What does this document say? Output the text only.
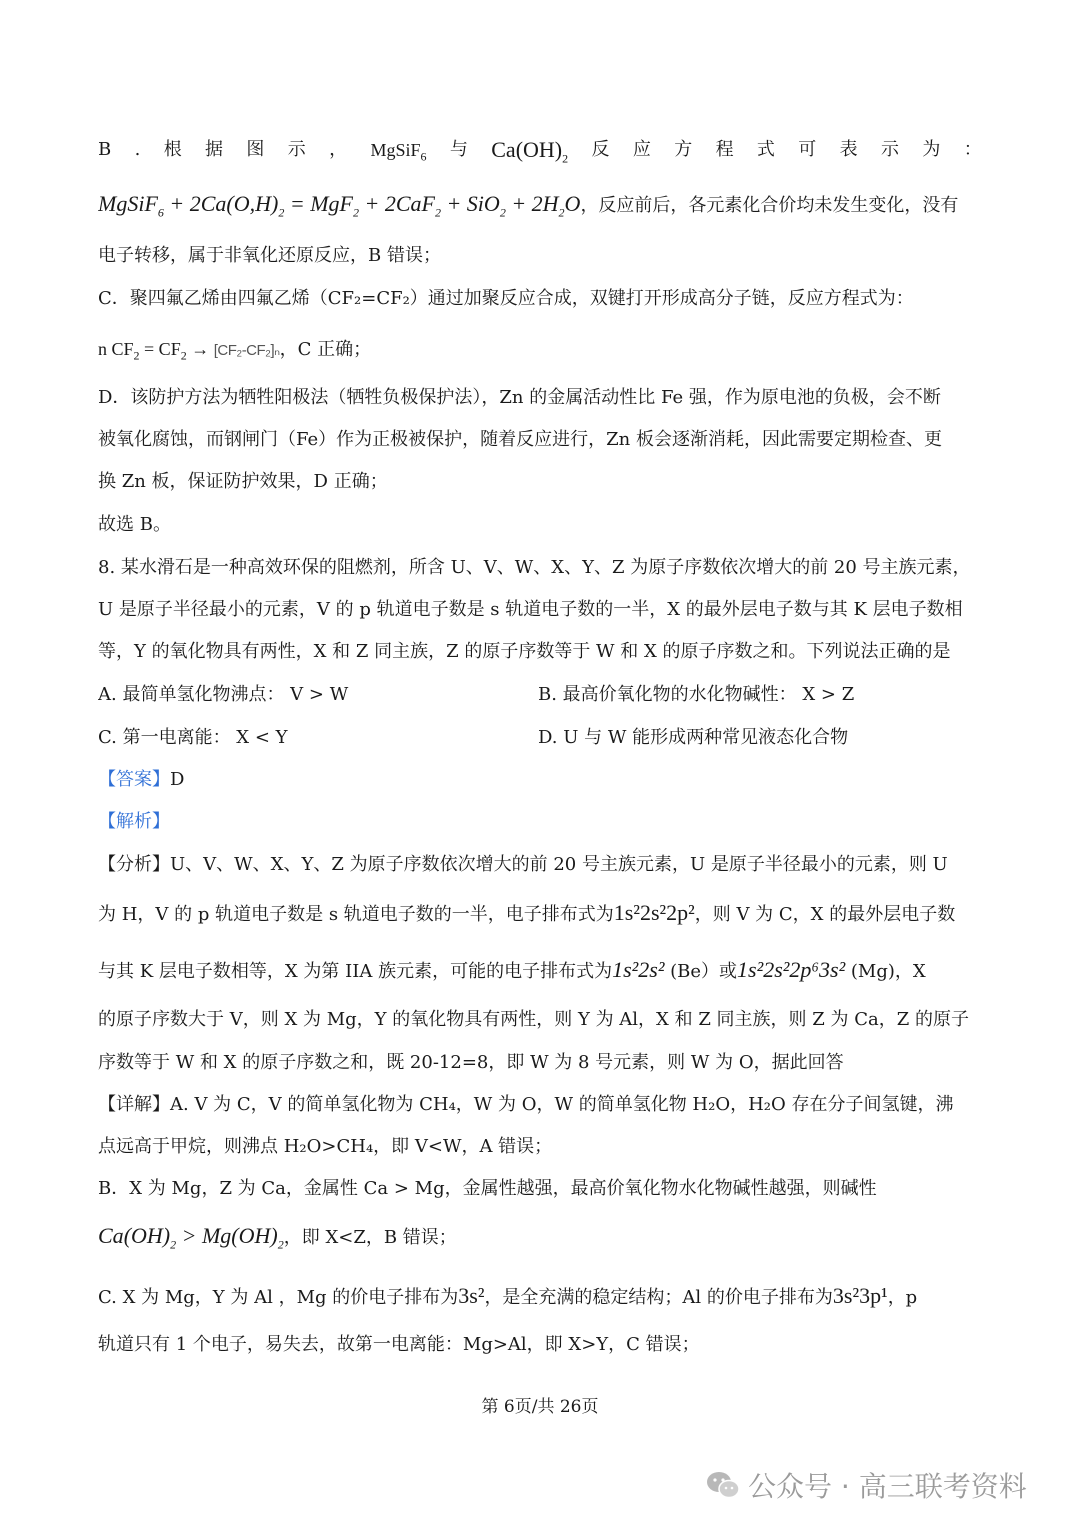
B . 根 据 图 示 ， MgSiF$_6$ 与 $Ca(OH)_2$ 反 应 方 程 式 可 表 示 为 ：
MgSiF$_6$ + $2Ca(O,H)_2 = MgF_2 + 2CaF_2 + SiO_2 + 2H_2O$，反应前后，各元素化合价均未发生变化，没有
电子转移，属于非氧化还原反应，B 错误；
C．聚四氟乙烯由四氟乙烯（CF₂=CF₂）通过加聚反应合成，双键打开形成高分子链，反应方程式为：
n $CF_2 = CF_2 \to [CF_2-CF_2]_n$，C 正确；
D．该防护方法为牺牲阳极法（牺牲负极保护法），Zn 的金属活动性比 Fe 强，作为原电池的负极，会不断
被氧化腐蚀，而钢闸门（Fe）作为正极被保护，随着反应进行，Zn 板会逐渐消耗，因此需要定期检查、更
换 Zn 板，保证防护效果，D 正确；
故选 B。
8. 某水滑石是一种高效环保的阻燃剂，所含 U、V、W、X、Y、Z 为原子序数依次增大的前 20 号主族元素，
U 是原子半径最小的元素，V 的 p 轨道电子数是 s 轨道电子数的一半，X 的最外层电子数与其 K 层电子数相
等，Y 的氧化物具有两性，X 和 Z 同主族，Z 的原子序数等于 W 和 X 的原子序数之和。下列说法正确的是
A. 最简单氢化物沸点： V > W	B. 最高价氧化物的水化物碱性： X > Z
C. 第一电离能： X < Y	D. U 与 W 能形成两种常见液态化合物
【答案】D
【解析】
【分析】U、V、W、X、Y、Z 为原子序数依次增大的前 20 号主族元素，U 是原子半径最小的元素，则 U
为 H，V 的 p 轨道电子数是 s 轨道电子数的一半，电子排布式为1s²2s²2p²，则 V 为 C，X 的最外层电子数
与其 K 层电子数相等，X 为第 IIA 族元素，可能的电子排布式为1s²2s² (Be）或1s²2s²2p⁶3s² (Mg)，X
的原子序数大于 V，则 X 为 Mg，Y 的氧化物具有两性，则 Y 为 Al，X 和 Z 同主族，则 Z 为 Ca，Z 的原子
序数等于 W 和 X 的原子序数之和，既 20-12=8，即 W 为 8 号元素，则 W 为 O，据此回答
【详解】A. V 为 C，V 的简单氢化物为 CH₄，W 为 O，W 的简单氢化物 H₂O，H₂O 存在分子间氢键，沸
点远高于甲烷，则沸点 H₂O>CH₄，即 V<W，A 错误；
B．X 为 Mg，Z 为 Ca，金属性 Ca > Mg，金属性越强，最高价氧化物水化物碱性越强，则碱性
$Ca(OH)_2 > Mg(OH)_2$，即 X<Z，B 错误；
C. X 为 Mg，Y 为 Al ，Mg 的价电子排布为3s²，是全充满的稳定结构；Al 的价电子排布为3s²3p¹，p
轨道只有 1 个电子，易失去，故第一电离能：Mg>Al，即 X>Y，C 错误；
第 6页/共 26页
公众号 · 高三联考资料
